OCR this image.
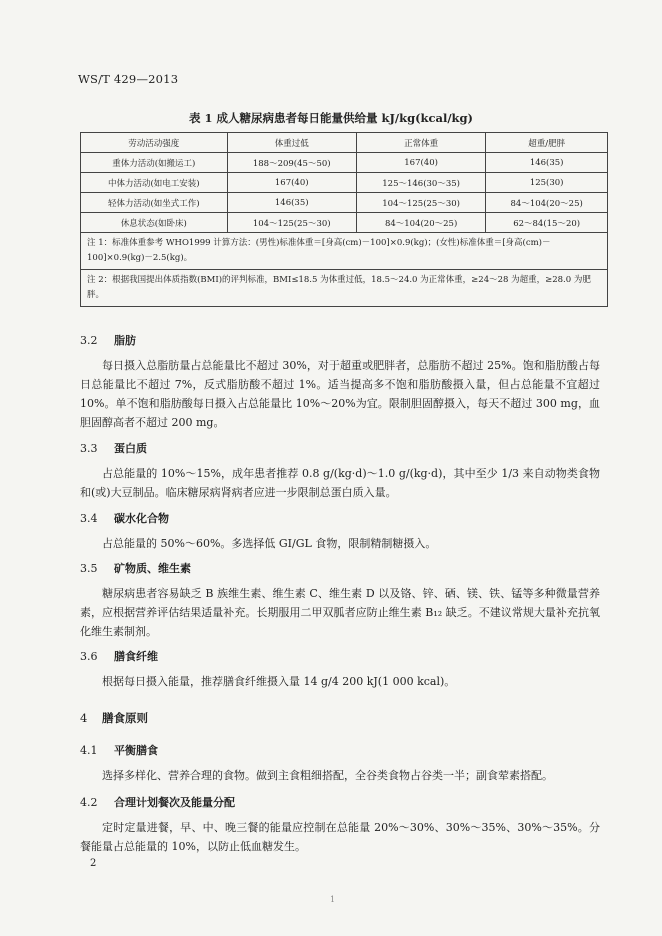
WS/T 429—2013
表 1 成人糖尿病患者每日能量供给量 kJ/kg(kcal/kg)
劳动活动强度	体重过低	正常体重	超重/肥胖
重体力活动(如搬运工)	188～209(45～50)	167(40)	146(35)
中体力活动(如电工安装)	167(40)	125～146(30～35)	125(30)
轻体力活动(如坐式工作)	146(35)	104～125(25～30)	84～104(20～25)
休息状态(如卧床)	104～125(25～30)	84～104(20～25)	62～84(15～20)
注 1：标准体重参考 WHO1999 计算方法：(男性)标准体重＝[身高(cm)－100]×0.9(kg)；(女性)标准体重＝[身高(cm)－100]×0.9(kg)－2.5(kg)。			
注 2：根据我国提出体质指数(BMI)的评判标准，BMI≤18.5 为体重过低，18.5～24.0 为正常体重，≥24～28 为超重，≥28.0 为肥胖。			
3.2 脂肪

每日摄入总脂肪量占总能量比不超过 30%，对于超重或肥胖者，总脂肪不超过 25%。饱和脂肪酸占每日总能量比不超过 7%，反式脂肪酸不超过 1%。适当提高多不饱和脂肪酸摄入量，但占总能量不宜超过 10%。单不饱和脂肪酸每日摄入占总能量比 10%～20%为宜。限制胆固醇摄入，每天不超过 300 mg，血胆固醇高者不超过 200 mg。

3.3 蛋白质

占总能量的 10%～15%，成年患者推荐 0.8 g/(kg·d)～1.0 g/(kg·d)，其中至少 1/3 来自动物类食物和(或)大豆制品。临床糖尿病肾病者应进一步限制总蛋白质入量。

3.4 碳水化合物

占总能量的 50%～60%。多选择低 GI/GL 食物，限制精制糖摄入。

3.5 矿物质、维生素

糖尿病患者容易缺乏 B 族维生素、维生素 C、维生素 D 以及铬、锌、硒、镁、铁、锰等多种微量营养素，应根据营养评估结果适量补充。长期服用二甲双胍者应防止维生素 B₁₂ 缺乏。不建议常规大量补充抗氧化维生素制剂。

3.6 膳食纤维

根据每日摄入能量，推荐膳食纤维摄入量 14 g/4 200 kJ(1 000 kcal)。

4 膳食原则
4.1 平衡膳食

选择多样化、营养合理的食物。做到主食粗细搭配，全谷类食物占谷类一半；副食荤素搭配。

4.2 合理计划餐次及能量分配

定时定量进餐，早、中、晚三餐的能量应控制在总能量 20%～30%、30%～35%、30%～35%。分餐能量占总能量的 10%，以防止低血糖发生。

2
1
